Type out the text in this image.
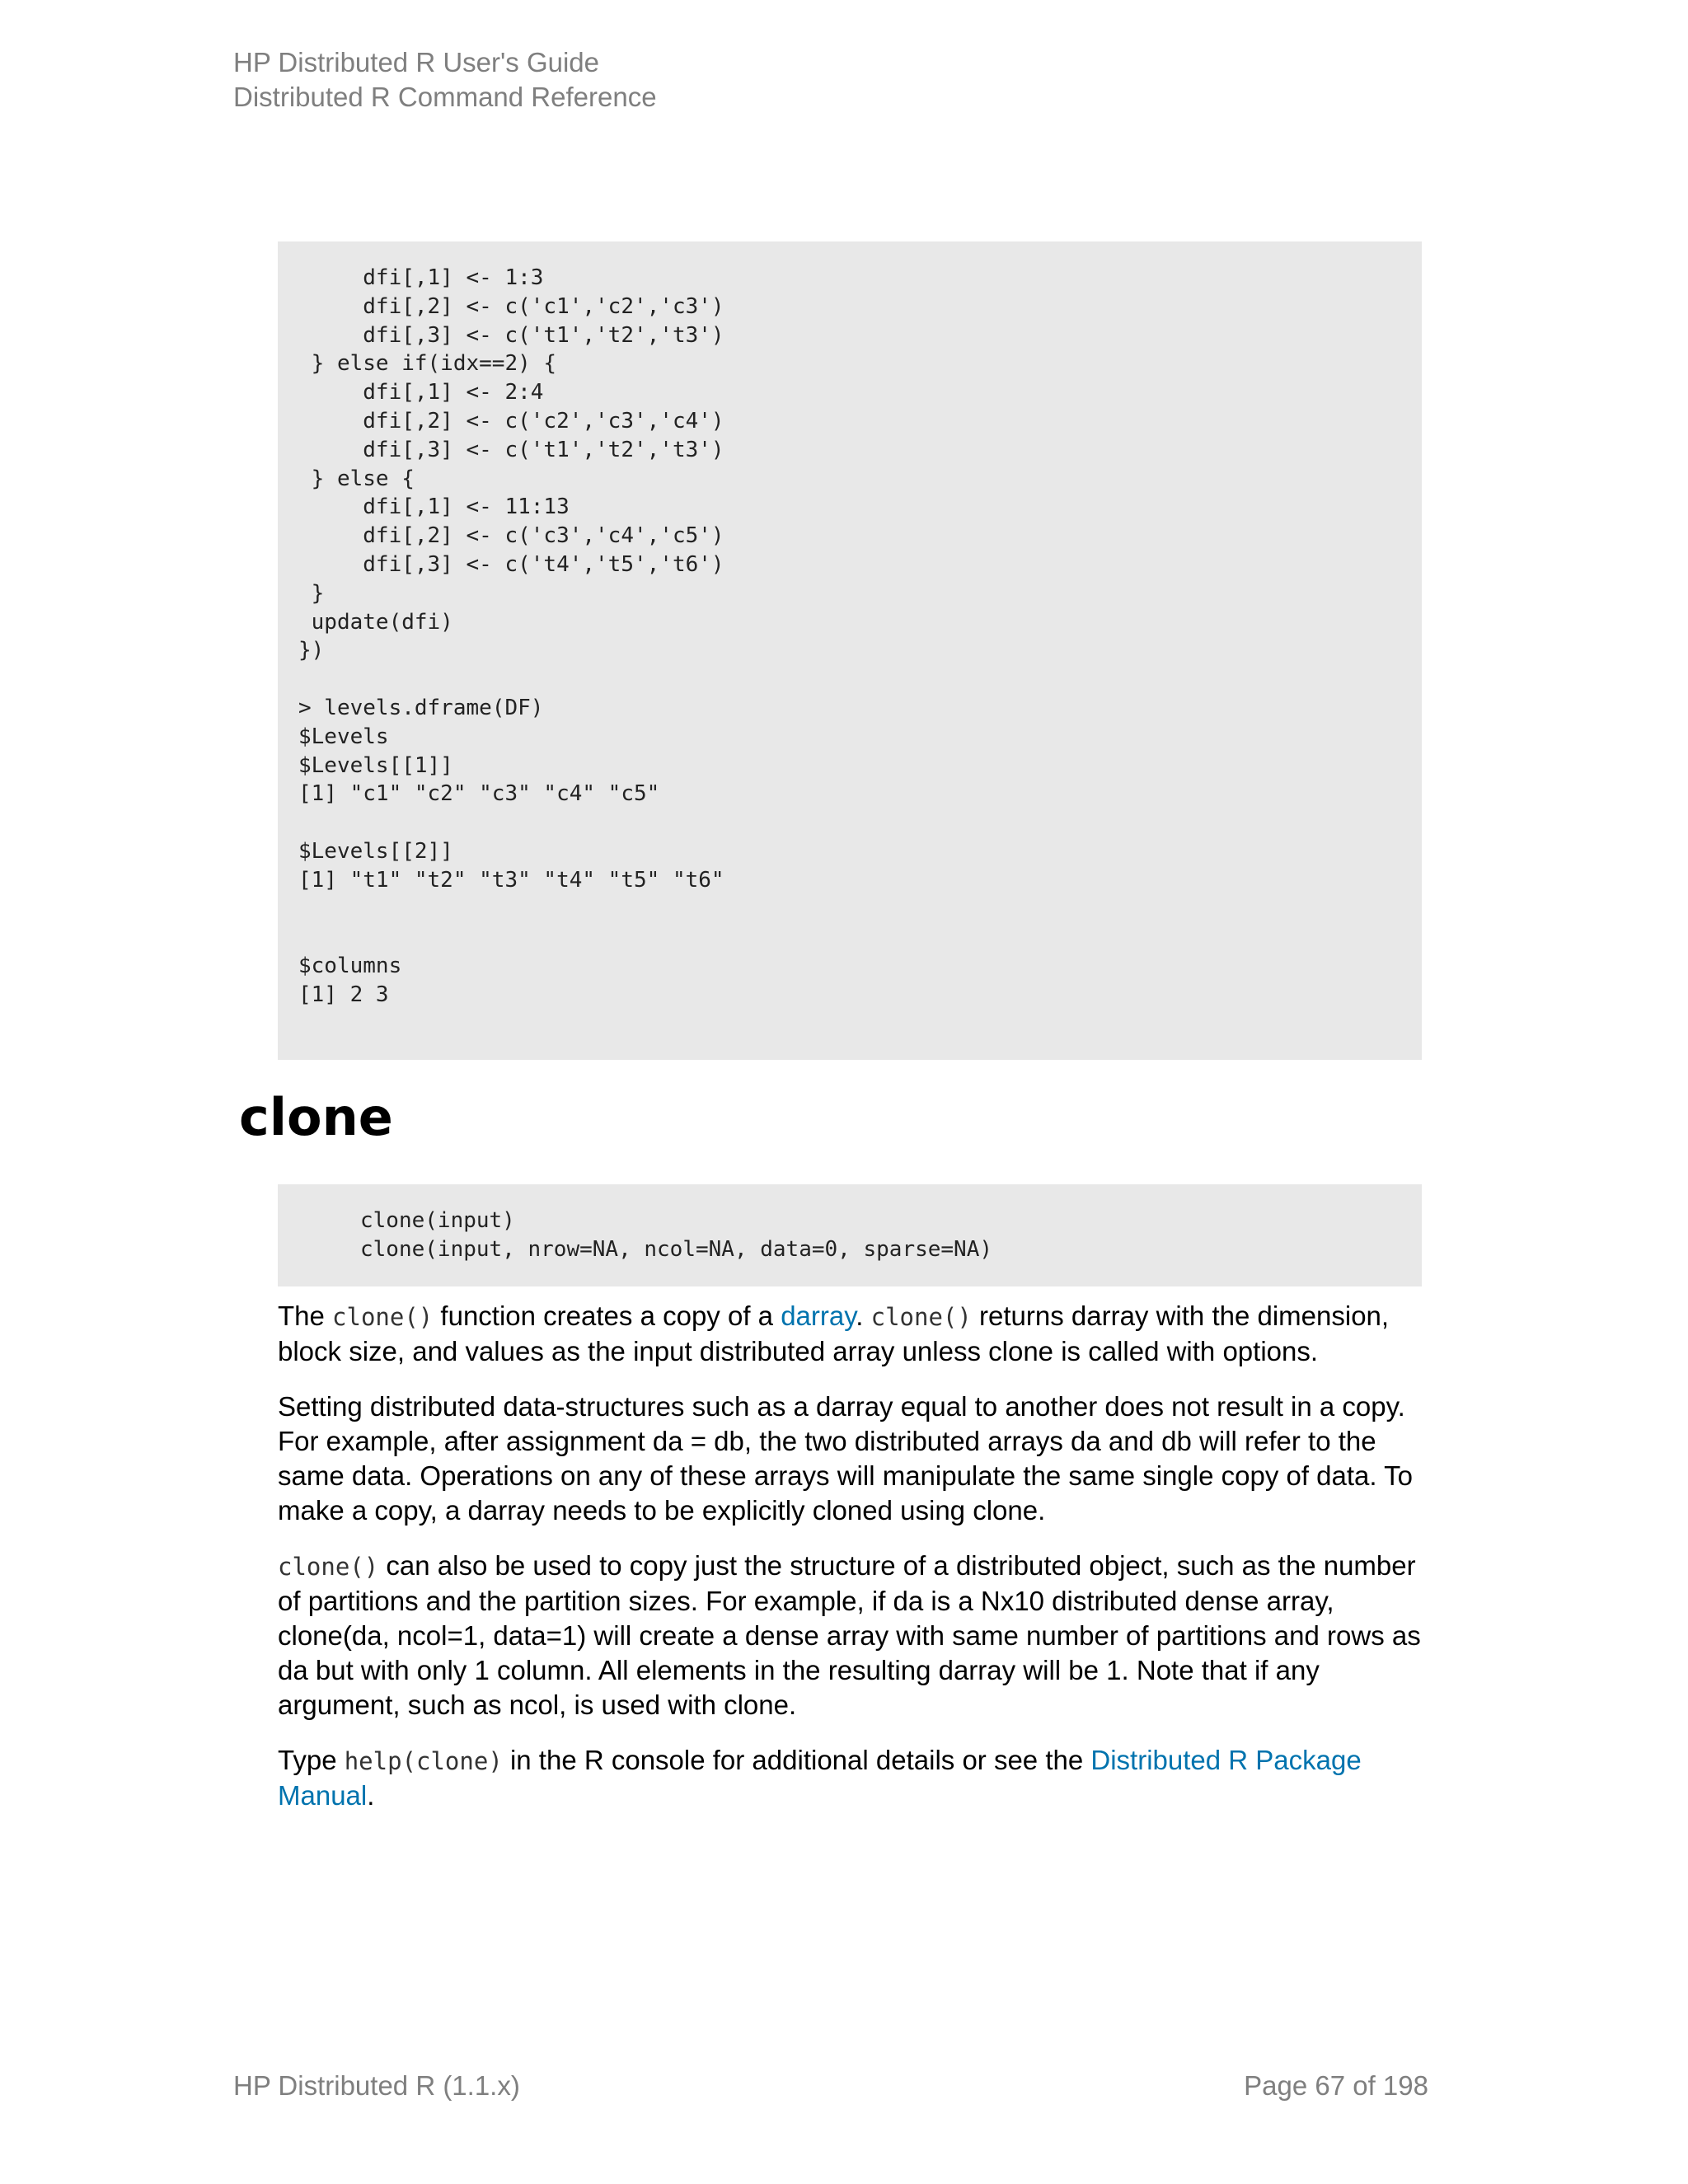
HP Distributed R User's Guide
Distributed R Command Reference
dfi[,1] <- 1:3
dfi[,2] <- c('c1','c2','c3')
dfi[,3] <- c('t1','t2','t3')
} else if(idx==2) {
dfi[,1] <- 2:4
dfi[,2] <- c('c2','c3','c4')
dfi[,3] <- c('t1','t2','t3')
} else {
dfi[,1] <- 11:13
dfi[,2] <- c('c3','c4','c5')
dfi[,3] <- c('t4','t5','t6')
}
update(dfi)
})

> levels.dframe(DF)
$Levels
$Levels[[1]]
[1] "c1" "c2" "c3" "c4" "c5"

$Levels[[2]]
[1] "t1" "t2" "t3" "t4" "t5" "t6"

$columns
[1] 2 3
clone
clone(input)
clone(input, nrow=NA, ncol=NA, data=0, sparse=NA)

The clone() function creates a copy of a darray. clone() returns darray with the dimension, block size, and values as the input distributed array unless clone is called with options.

Setting distributed data-structures such as a darray equal to another does not result in a copy. For example, after assignment da = db, the two distributed arrays da and db will refer to the same data. Operations on any of these arrays will manipulate the same single copy of data. To make a copy, a darray needs to be explicitly cloned using clone.

clone() can also be used to copy just the structure of a distributed object, such as the number of partitions and the partition sizes. For example, if da is a Nx10 distributed dense array, clone(da, ncol=1, data=1) will create a dense array with same number of partitions and rows as da but with only 1 column. All elements in the resulting darray will be 1. Note that if any argument, such as ncol, is used with clone.

Type help(clone) in the R console for additional details or see the Distributed R Package Manual.

HP Distributed R (1.1.x)	Page 67 of 198
